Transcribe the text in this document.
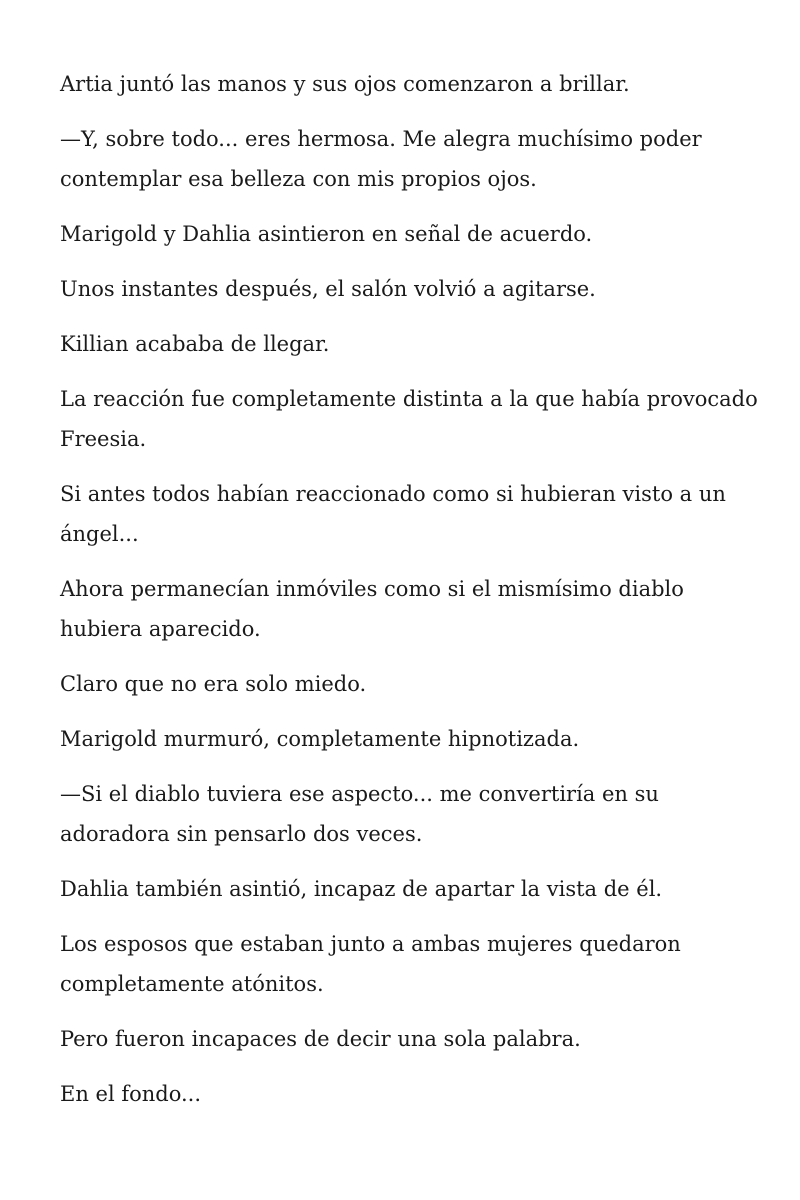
Artia juntó las manos y sus ojos comenzaron a brillar.

—Y, sobre todo... eres hermosa. Me alegra muchísimo poder contemplar esa belleza con mis propios ojos.

Marigold y Dahlia asintieron en señal de acuerdo.

Unos instantes después, el salón volvió a agitarse.

Killian acababa de llegar.

La reacción fue completamente distinta a la que había provocado Freesia.

Si antes todos habían reaccionado como si hubieran visto a un ángel...

Ahora permanecían inmóviles como si el mismísimo diablo hubiera aparecido.

Claro que no era solo miedo.

Marigold murmuró, completamente hipnotizada.

—Si el diablo tuviera ese aspecto... me convertiría en su adoradora sin pensarlo dos veces.

Dahlia también asintió, incapaz de apartar la vista de él.

Los esposos que estaban junto a ambas mujeres quedaron completamente atónitos.

Pero fueron incapaces de decir una sola palabra.

En el fondo...
